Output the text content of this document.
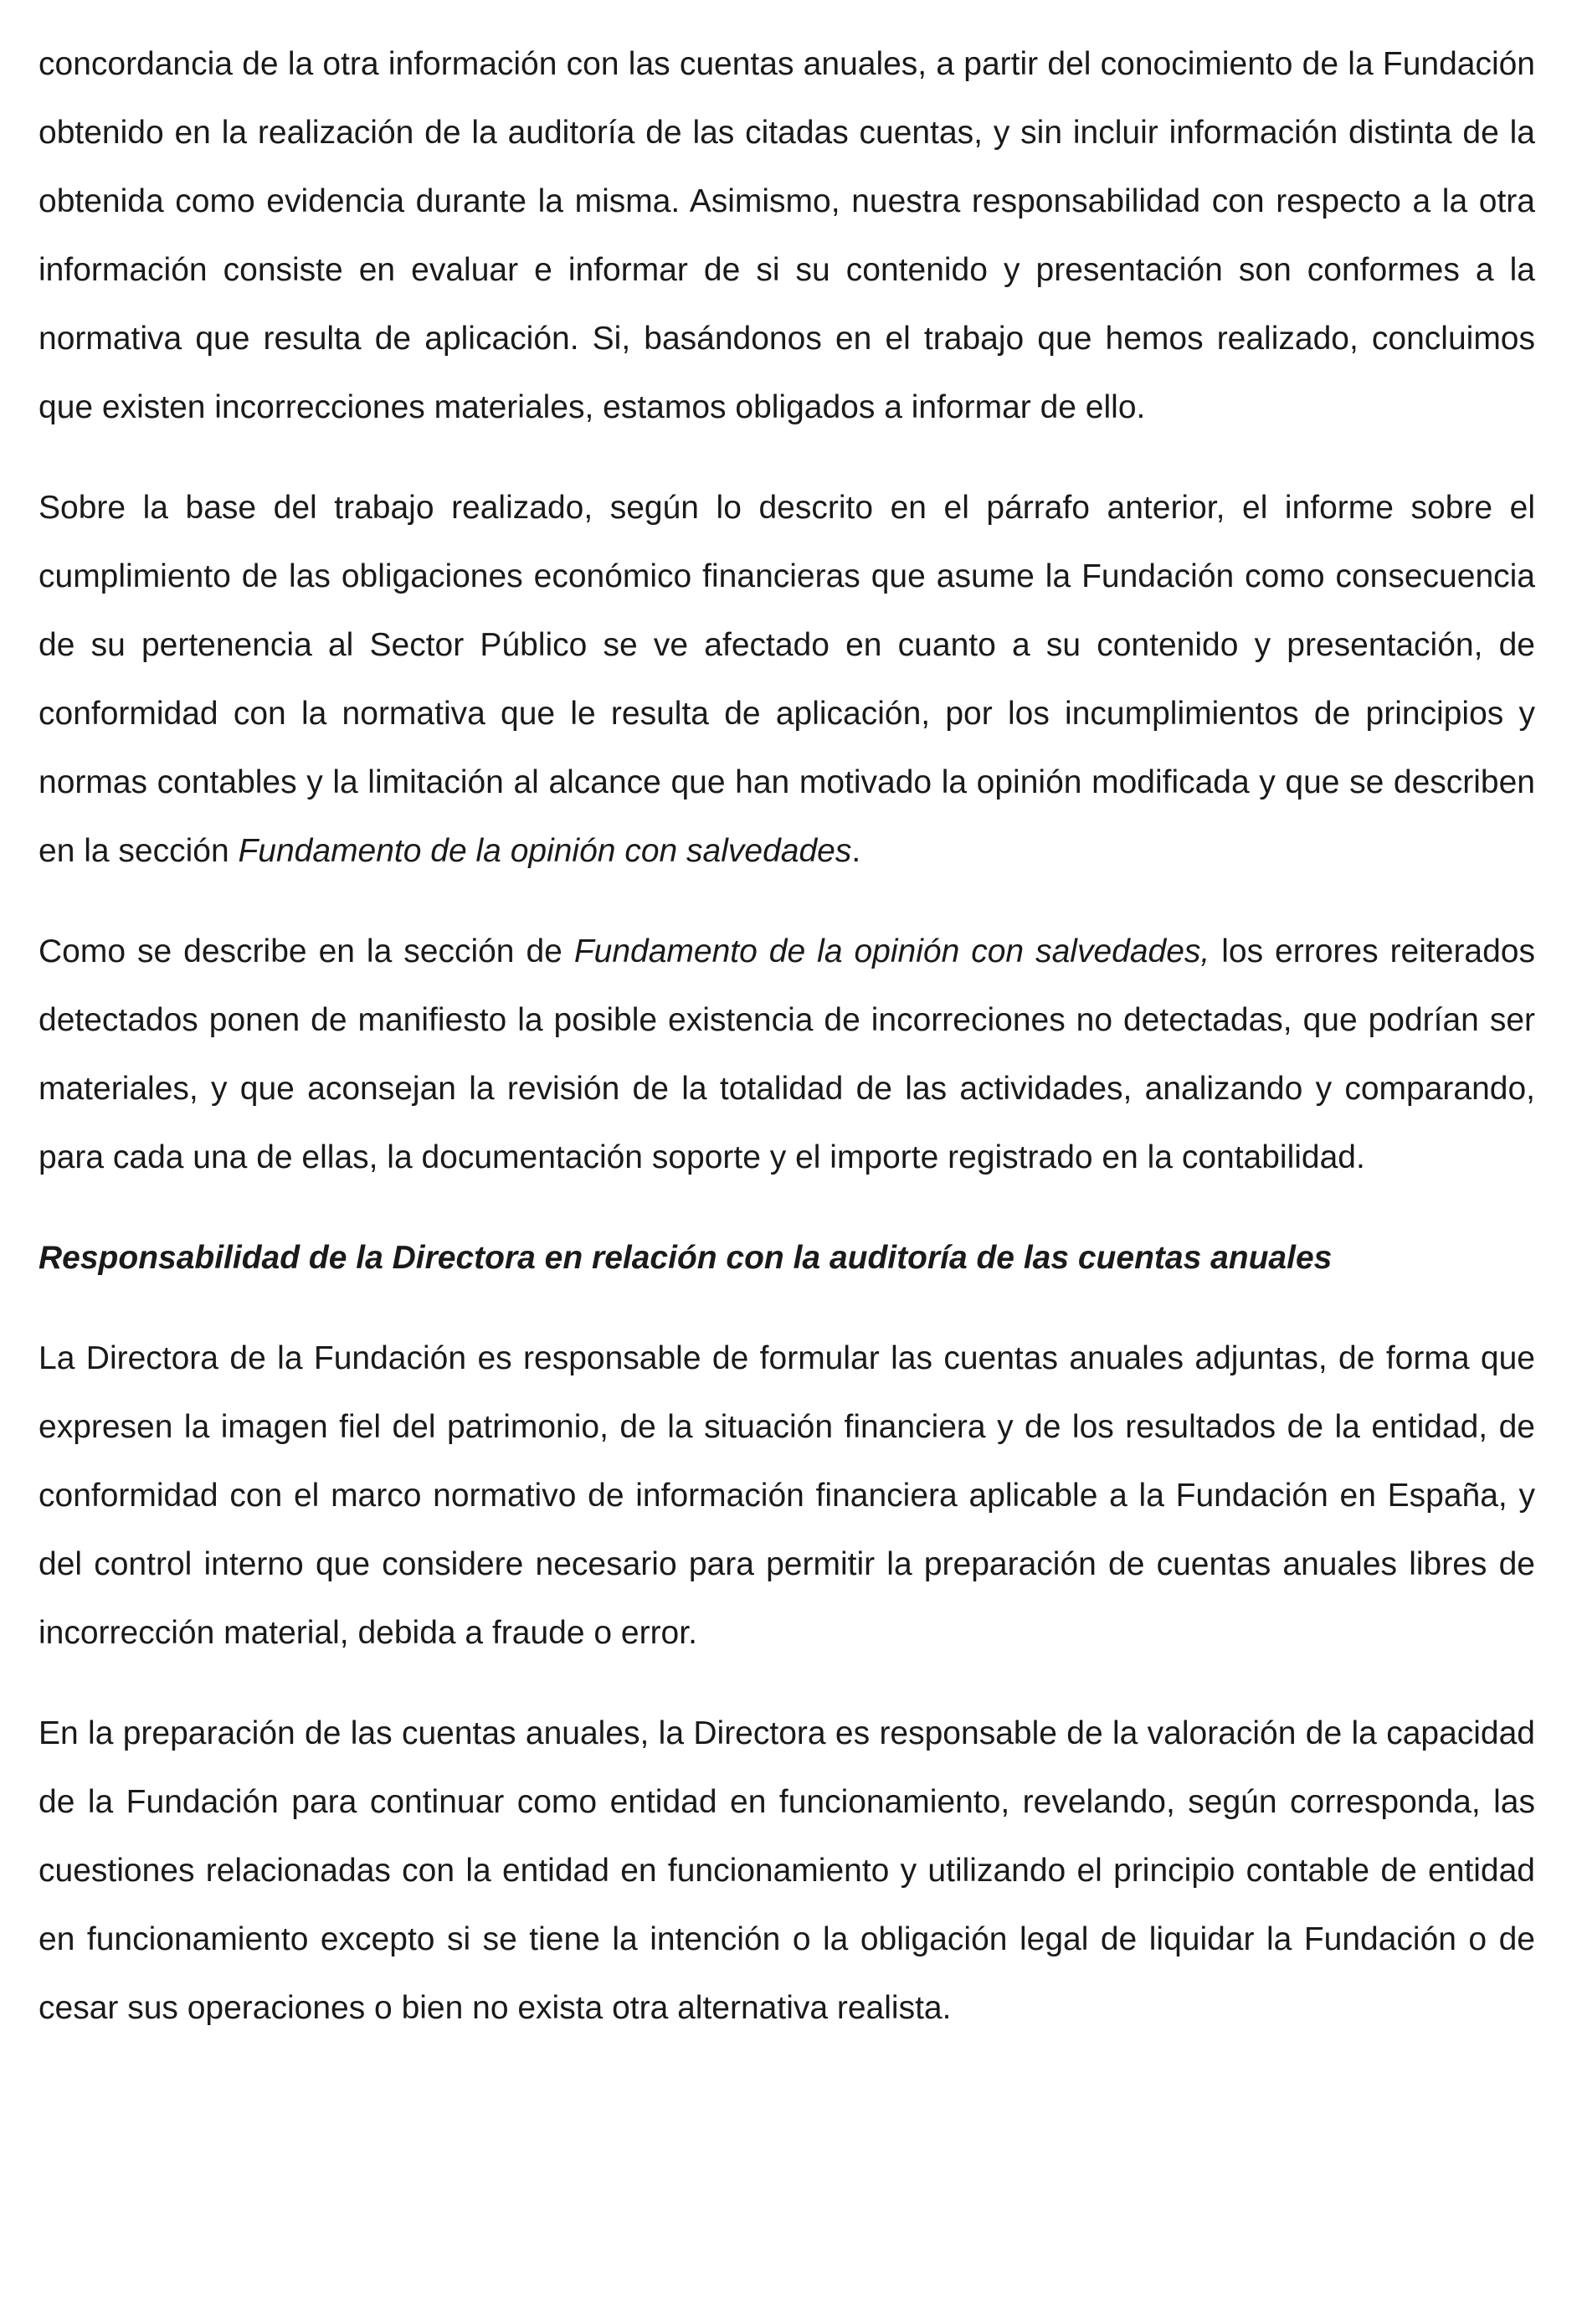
concordancia de la otra información con las cuentas anuales, a partir del conocimiento de la Fundación obtenido en la realización de la auditoría de las citadas cuentas, y sin incluir información distinta de la obtenida como evidencia durante la misma. Asimismo, nuestra responsabilidad con respecto a la otra información consiste en evaluar e informar de si su contenido y presentación son conformes a la normativa que resulta de aplicación. Si, basándonos en el trabajo que hemos realizado, concluimos que existen incorrecciones materiales, estamos obligados a informar de ello.

Sobre la base del trabajo realizado, según lo descrito en el párrafo anterior, el informe sobre el cumplimiento de las obligaciones económico financieras que asume la Fundación como consecuencia de su pertenencia al Sector Público se ve afectado en cuanto a su contenido y presentación, de conformidad con la normativa que le resulta de aplicación, por los incumplimientos de principios y normas contables y la limitación al alcance que han motivado la opinión modificada y que se describen en la sección Fundamento de la opinión con salvedades.

Como se describe en la sección de Fundamento de la opinión con salvedades, los errores reiterados detectados ponen de manifiesto la posible existencia de incorreciones no detectadas, que podrían ser materiales, y que aconsejan la revisión de la totalidad de las actividades, analizando y comparando, para cada una de ellas, la documentación soporte y el importe registrado en la contabilidad.

Responsabilidad de la Directora en relación con la auditoría de las cuentas anuales

La Directora de la Fundación es responsable de formular las cuentas anuales adjuntas, de forma que expresen la imagen fiel del patrimonio, de la situación financiera y de los resultados de la entidad, de conformidad con el marco normativo de información financiera aplicable a la Fundación en España, y del control interno que considere necesario para permitir la preparación de cuentas anuales libres de incorrección material, debida a fraude o error.

En la preparación de las cuentas anuales, la Directora es responsable de la valoración de la capacidad de la Fundación para continuar como entidad en funcionamiento, revelando, según corresponda, las cuestiones relacionadas con la entidad en funcionamiento y utilizando el principio contable de entidad en funcionamiento excepto si se tiene la intención o la obligación legal de liquidar la Fundación o de cesar sus operaciones o bien no exista otra alternativa realista.
